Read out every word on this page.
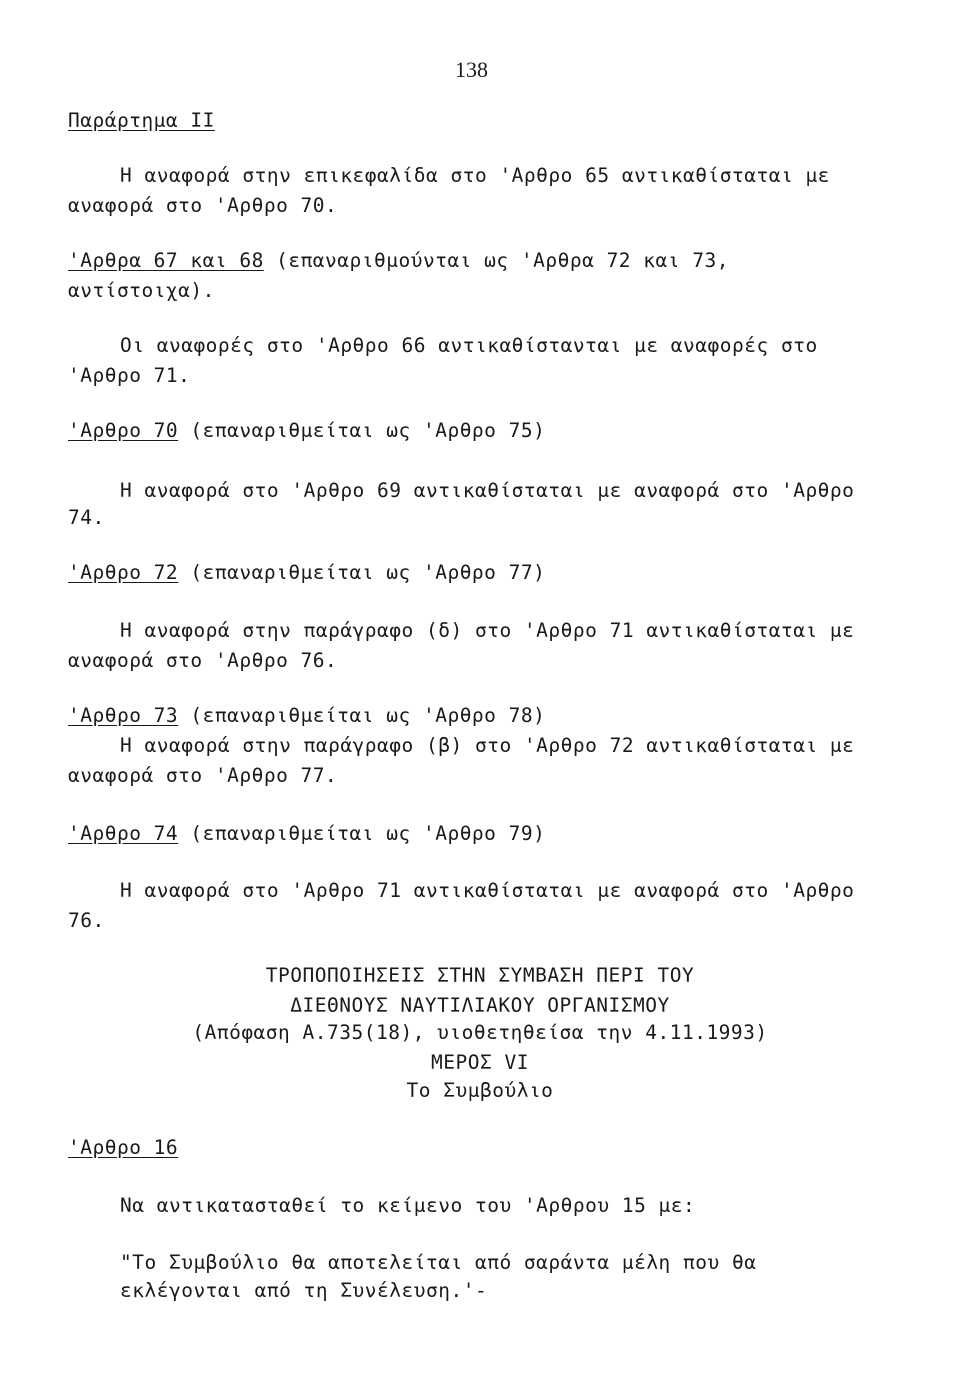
138
Παράρτημα ΙΙ
Η αναφορά στην επικεφαλίδα στο 'Αρθρο 65 αντικαθίσταται με
αναφορά στο 'Αρθρο 70.
'Αρθρα 67 και 68 (επαναριθμούνται ως 'Αρθρα 72 και 73,
αντίστοιχα).
Οι αναφορές στο 'Αρθρο 66 αντικαθίστανται με αναφορές στο
'Αρθρο 71.
'Αρθρο 70 (επαναριθμείται ως 'Αρθρο 75)
Η αναφορά στο 'Αρθρο 69 αντικαθίσταται με αναφορά στο 'Αρθρο
74.
'Αρθρο 72 (επαναριθμείται ως 'Αρθρο 77)
Η αναφορά στην παράγραφο (δ) στο 'Αρθρο 71 αντικαθίσταται με
αναφορά στο 'Αρθρο 76.
'Αρθρο 73 (επαναριθμείται ως 'Αρθρο 78)
Η αναφορά στην παράγραφο (β) στο 'Αρθρο 72 αντικαθίσταται με
αναφορά στο 'Αρθρο 77.
'Αρθρο 74 (επαναριθμείται ως 'Αρθρο 79)
Η αναφορά στο 'Αρθρο 71 αντικαθίσταται με αναφορά στο 'Αρθρο
76.
ΤΡΟΠΟΠΟΙΗΣΕΙΣ ΣΤΗΝ ΣΥΜΒΑΣΗ ΠΕΡΙ ΤΟΥ
ΔΙΕΘΝΟΥΣ ΝΑΥΤΙΛΙΑΚΟΥ ΟΡΓΑΝΙΣΜΟΥ
(Απόφαση Α.735(18), υιοθετηθείσα την 4.11.1993)
ΜΕΡΟΣ VI
Το Συμβούλιο
'Αρθρο 16
Να αντικατασταθεί το κείμενο του 'Αρθρου 15 με:
"Το Συμβούλιο θα αποτελείται από σαράντα μέλη που θα
εκλέγονται από τη Συνέλευση.'-
